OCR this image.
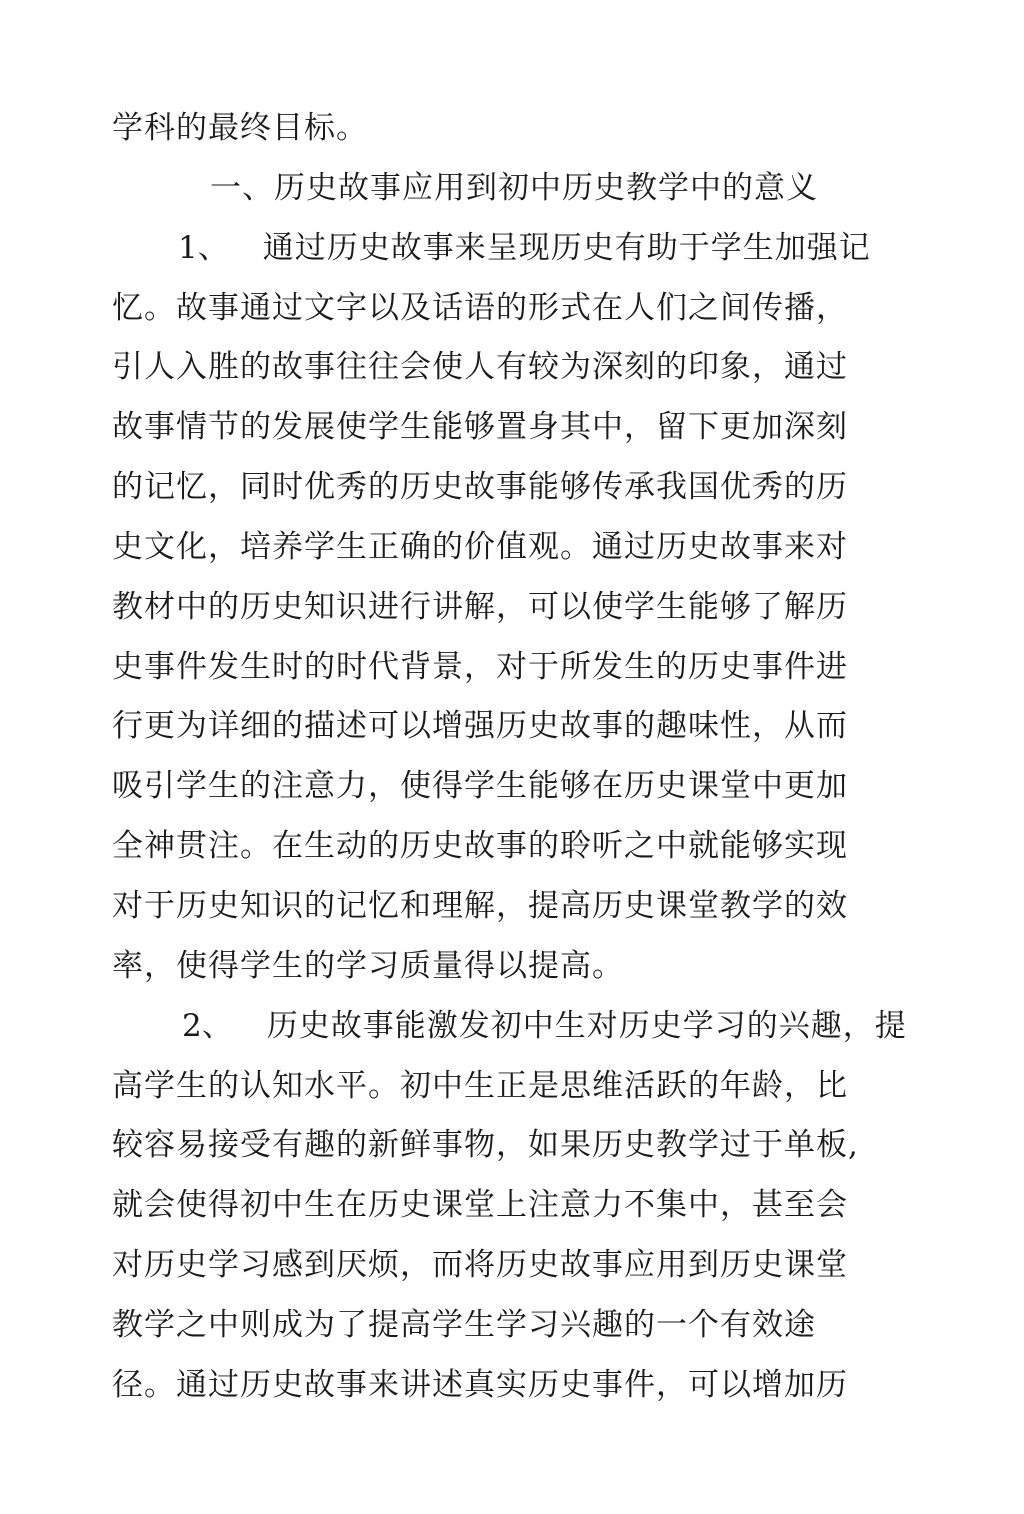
学科的最终目标。
一、历史故事应用到初中历史教学中的意义
1、 通过历史故事来呈现历史有助于学生加强记
忆。故事通过文字以及话语的形式在人们之间传播，
引人入胜的故事往往会使人有较为深刻的印象，通过
故事情节的发展使学生能够置身其中，留下更加深刻
的记忆，同时优秀的历史故事能够传承我国优秀的历
史文化，培养学生正确的价值观。通过历史故事来对
教材中的历史知识进行讲解，可以使学生能够了解历
史事件发生时的时代背景，对于所发生的历史事件进
行更为详细的描述可以增强历史故事的趣味性，从而
吸引学生的注意力，使得学生能够在历史课堂中更加
全神贯注。在生动的历史故事的聆听之中就能够实现
对于历史知识的记忆和理解，提高历史课堂教学的效
率，使得学生的学习质量得以提高。
2、 历史故事能激发初中生对历史学习的兴趣，提
高学生的认知水平。初中生正是思维活跃的年龄，比
较容易接受有趣的新鲜事物，如果历史教学过于单板,
就会使得初中生在历史课堂上注意力不集中，甚至会
对历史学习感到厌烦，而将历史故事应用到历史课堂
教学之中则成为了提高学生学习兴趣的一个有效途
径。通过历史故事来讲述真实历史事件，可以增加历
